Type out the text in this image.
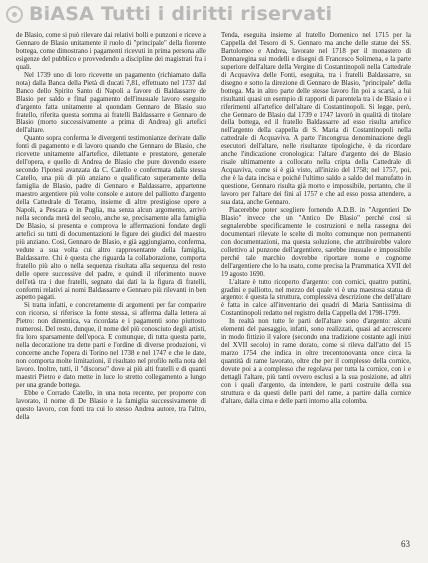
BiASA Tutti i diritti riservati

de Blasio, come si può rilevare dai relativi bolli e punzoni e riceve a Gennaro de Blasio unitamente il ruolo di "principale" della fiorente bottega, come dimostrano i pagamenti ricevuti in prima persona alle esigenze del pubblico e provvedendo a discipline dei magistrati fra i quali.

Nel 1739 uno di loro ricevette un pagamento (richiamato dalla nota) dalla Banca della Pietà di ducati 7,81, effettuato nel 1737 dal Banco dello Spirito Santo di Napoli a favore di Baldassarre de Blasio per saldo e final pagamento dell'inusuale lavoro eseguito d'argento fatta unitamente al quondam Gennaro de Blasio suo fratello, riferita questa somma ai fratelli Baldassarre e Gennaro de Blasio (morto successivamente a prima di Andrea) gli artefici dell'altare.

Quanto sopra conferma le divergenti testimonianze derivate dalle fonti di pagamento e di lavoro quando che Gennaro de Blasio, che ricevette unitamente all'artefice, dilettante e prestatore, generale dell'opera, e quello di Andrea de Blasio che pure dovendo essere secondo l'ipotesi avanzata da C. Catello e confermata dalla stessa Catello, una più di più anziano e qualificato superamente della famiglia de Blasio, padre di Gennaro e Baldassarre, appartenne maestro argentiere più volte console e autore del palliotto d'argento della Cattedrale di Teramo, insieme di altre prestigiose opere a Napoli, a Pescara e in Puglia, ma senza alcun argomento, arrivò nella seconda metà del secolo, anche se, precisamente alla famiglia De Blasio, si presenta e comprova le affermazioni fondate degli artefici su tutti di documentazioni le figure dei giudici del maestro più anziano. Così, Gennaro de Blasio, e già aggiungiamo, conferma, vedute a sua volta cui altro rappresentante della famiglia, Baldassarre. Chi è questa che riguarda la collaborazione, comporta fratello più alto o nella sequenza risultata alla sequenza del resto delle opere successive del padre, e quindi il riferimento nuove dell'età tra i due fratelli, segnato dai dati la la figura di fratelli, conformi relativi ai nomi Baldassarre e Gennaro più rilevanti in ben aspetto pagati.

Si tratta infatti, e concretamente di argomenti per far comparire con ricorso, si riferisce la fonte stessa, si afferma dalla lettera ai Pietro: non dimentica, va ricordata e i pagamenti sono piuttosto numerosi. Del resto, dunque, il nome del più conosciuto degli artisti, fra loro sparsamente dell'epoca. E comunque, di tutta questa parte, nella decorazione tra dette parti e l'ordine di diverse produzioni, vi concerne anche l'opera di Torino nel 1738 e nel 1747 e che le date, non comporta molte limitazioni, il risultato nel profilo nella nota del lavoro. Inoltre, tutti, il "discorso" dove ai più alti fratelli e di quanti maestri Pietro e dato mette in luce lo stretto collegamento a lungo per una grande bottega.

Ebbe e Corrado Catello, in una nota recente, per proporre con lavorato, il nome di De Blasio e la famiglia successivamente di questo lavoro, con fonti tra cui lo stesso Andrea autore, tra l'altro, della

Tenda, eseguita insieme al fratello Domenico nel 1715 per la Cappella del Tesoro di S. Gennaro ma anche delle statue dei SS. Bartolomeo e Andrea, lavorate nel 1718 per il monastero di Donnaregina sui modelli e disegni di Francesco Solimena, e la parte superiore dell'altare della Vergine di Costantinopoli nella Cattedrale di Acquaviva delle Fonti, eseguita, tra i fratelli Baldassarre, su disegno e sotto la direzione di Gennaro de Blasio, "principale" della bottega. Ma in altro parte delle stesse lavoro fin poi a scarsi, a lui risultanti quasi un esempio di rapporti di parentela tra i de Blasio e i riferimenti all'artefice dell'altare di Costantinopoli. Si legge, però, che Gennaro de Blasio dal 1739 e 1747 lavorò in qualità di titolare della bottega, ed il fratello Baldassarre ad esso risulta artefice nell'argento della cappella di S. Maria di Costantinopoli nella cattedrale di Acquaviva. A parte l'incongrua denominazione degli esecutori dell'altare, nelle risultanze tipologiche, è da ricordare anche l'indicazione cronologica: l'altare d'argento dei de Blasio risale ultimamente a collocato nella cripta della Cattedrale di Acquaviva, come si è già visto, all'inizio del 1758; nel 1757, poi, che è la data incisa e poiché l'ultimo saldo a saldo del manufatto in questione, Gennaro risulta già morto e impossibile, pertanto, che il lavoro per l'altare dei fini al 1757 e che ad esso possa attendere, a sua data, anche Gennaro.

Piacerebbe poter scegliere fornendo A.D.B. in "Argentieri De Blasio" invece che un "Antico De Blasio" perché così si segnalerebbe specificamente le costruzioni e nella rassegna dei documentari rilevate le scelte di molto comunque non permanenti con documentazioni, ma questa soluzione, che attribuirebbe valore collettivo al punzone dell'argentiere, sarebbe inusuale e impossibile perché tale marchio dovrebbe riportare nome e cognome dell'argentiere che lo ha usato, come precisa la Prammatica XVII del 19 agosto 1690.

L'altare è tutto ricoperto d'argento: con cornici, quattro puttini, gradini e palliotto, nel mezzo del quale vi è una maestosa statua di argento: è questa la struttura, complessiva descrizione che dell'altare è fatta in calce all'inventario dei quadri di Maria Santissima di Costantinopoli redatto nel registro della Cappella del 1798-1799.

In realtà non tutte le parti dell'altare sono d'argento: alcuni elementi del paesaggio, infatti, sono realizzati, quasi ad accrescere in modo fittizio il valore (secondo una tradizione costante agli inizi del XVII secolo) in rame dorato, come si rileva dall'atto del 15 marzo 1754 che indica in oltre trecentonovanta once circa la quantità di rame lavorato, oltre che per il complesso della cornice, dovute poi a a complesso che regolava per tutta la cornice, con i e dettagli l'altare, più tanti ovvero esclusi a la sua posizione, ad altri con i quali d'argento, da intendere, le parti costruite della sua struttura e da questi delle parti del rame, a partire dalla cornice d'altare, dalla cima e delle parti intorno alla colomba.

63
